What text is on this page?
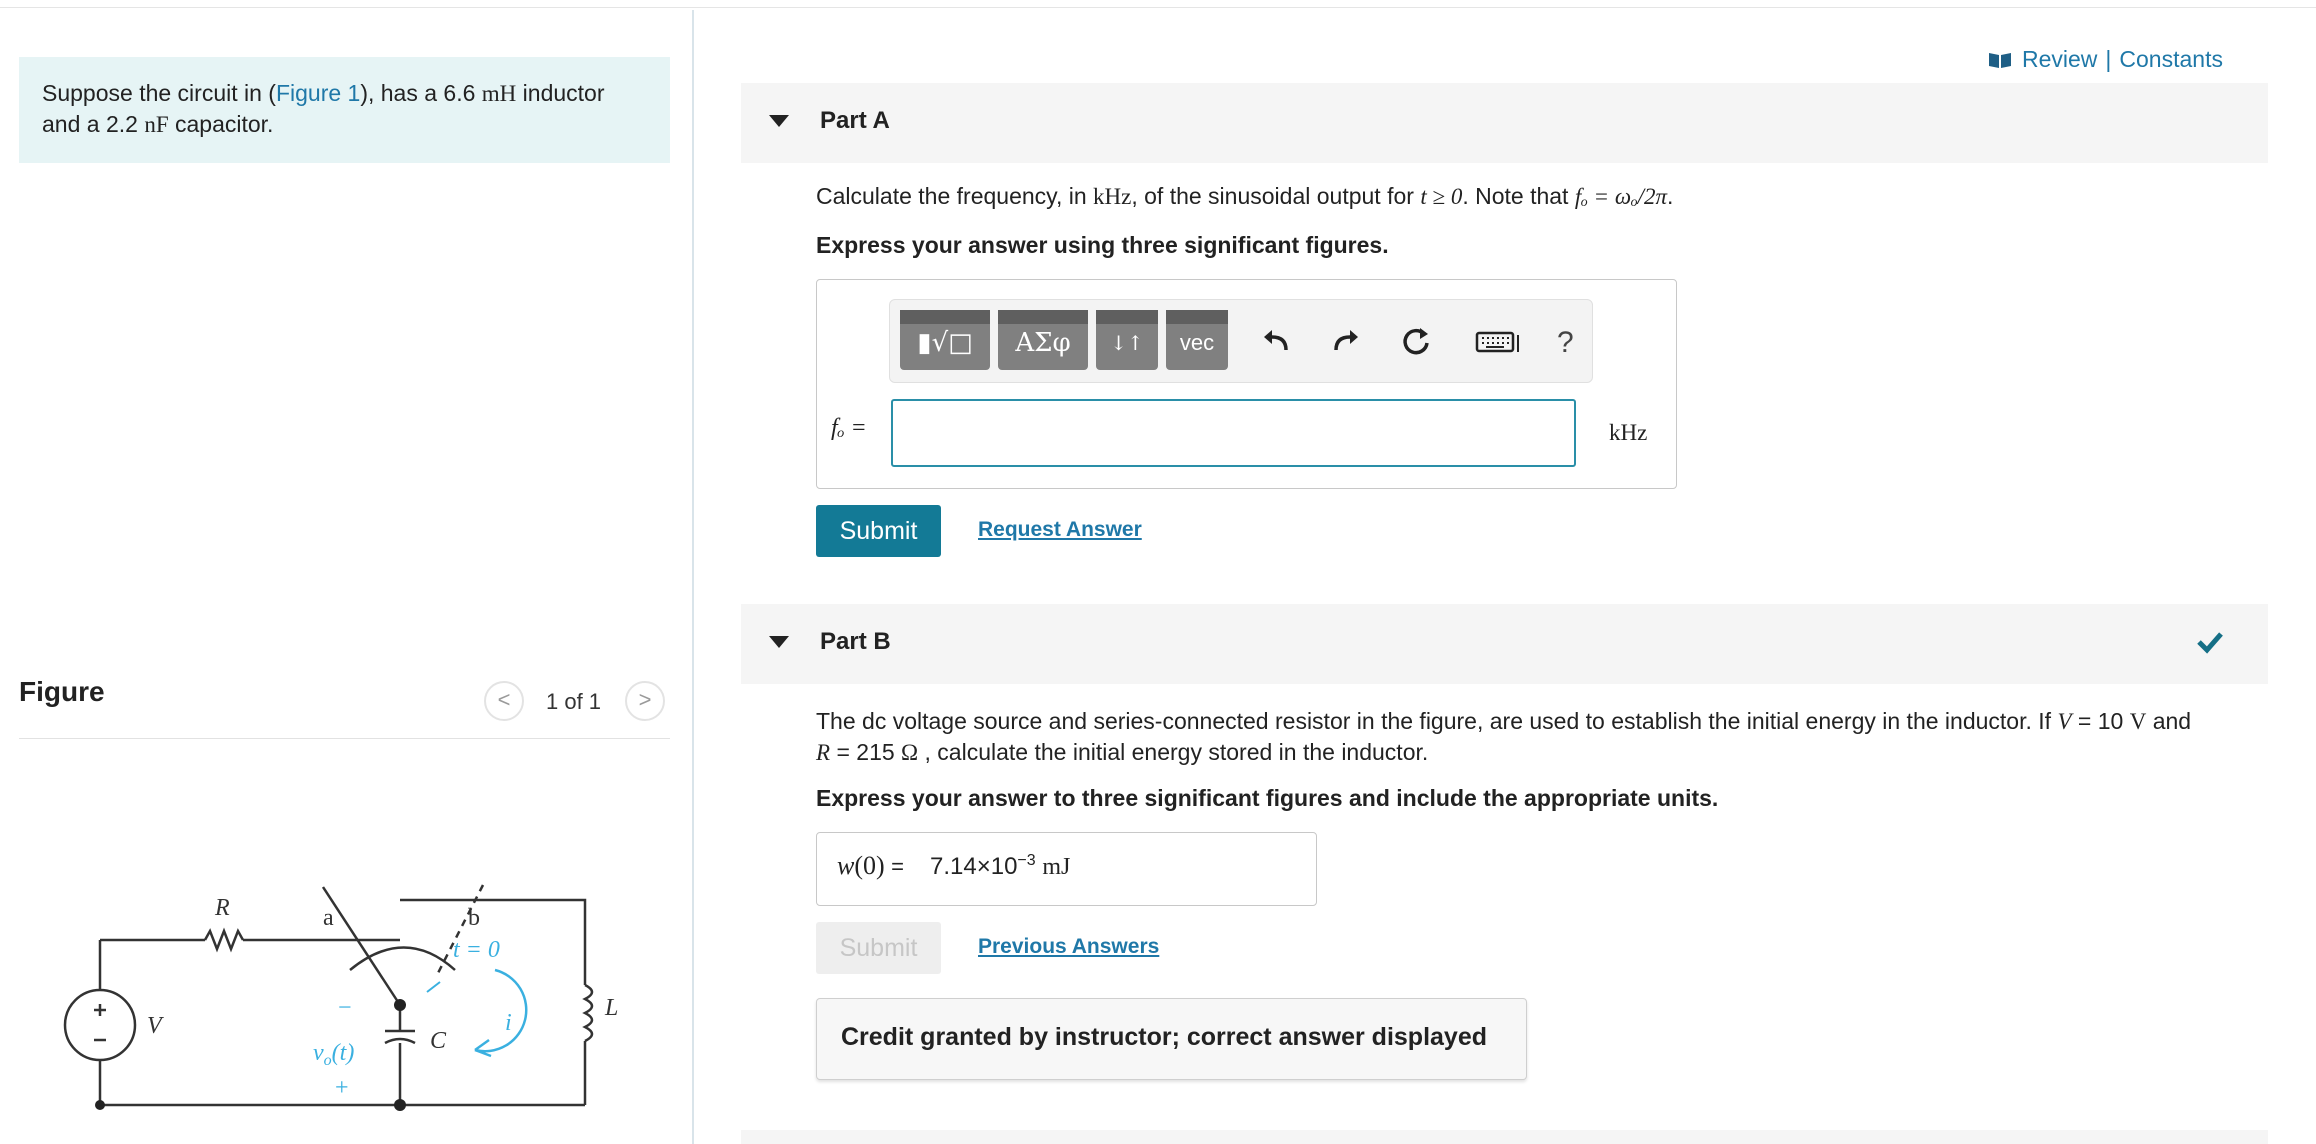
Suppose the circuit in (Figure 1), has a 6.6 mH inductor and a 2.2 nF capacitor.
Figure	<	1 of 1	>
R	a	b
t = 0
V
L
C
i
−
$v_o(t)$
+
Review | Constants
Part A
Calculate the frequency, in kHz, of the sinusoidal output for t ≥ 0. Note that fₒ = ωₒ/2π.
Express your answer using three significant figures.
▮√□	ΑΣφ	↓↑	vec	?
fₒ =	kHz
Submit	Request Answer
Part B
The dc voltage source and series-connected resistor in the figure, are used to establish the initial energy in the inductor. If V = 10 V and
R = 215 Ω , calculate the initial energy stored in the inductor.
Express your answer to three significant figures and include the appropriate units.
$w(0) = 7.14\times 10^{-3}$ mJ
Submit	Previous Answers
Credit granted by instructor; correct answer displayed
